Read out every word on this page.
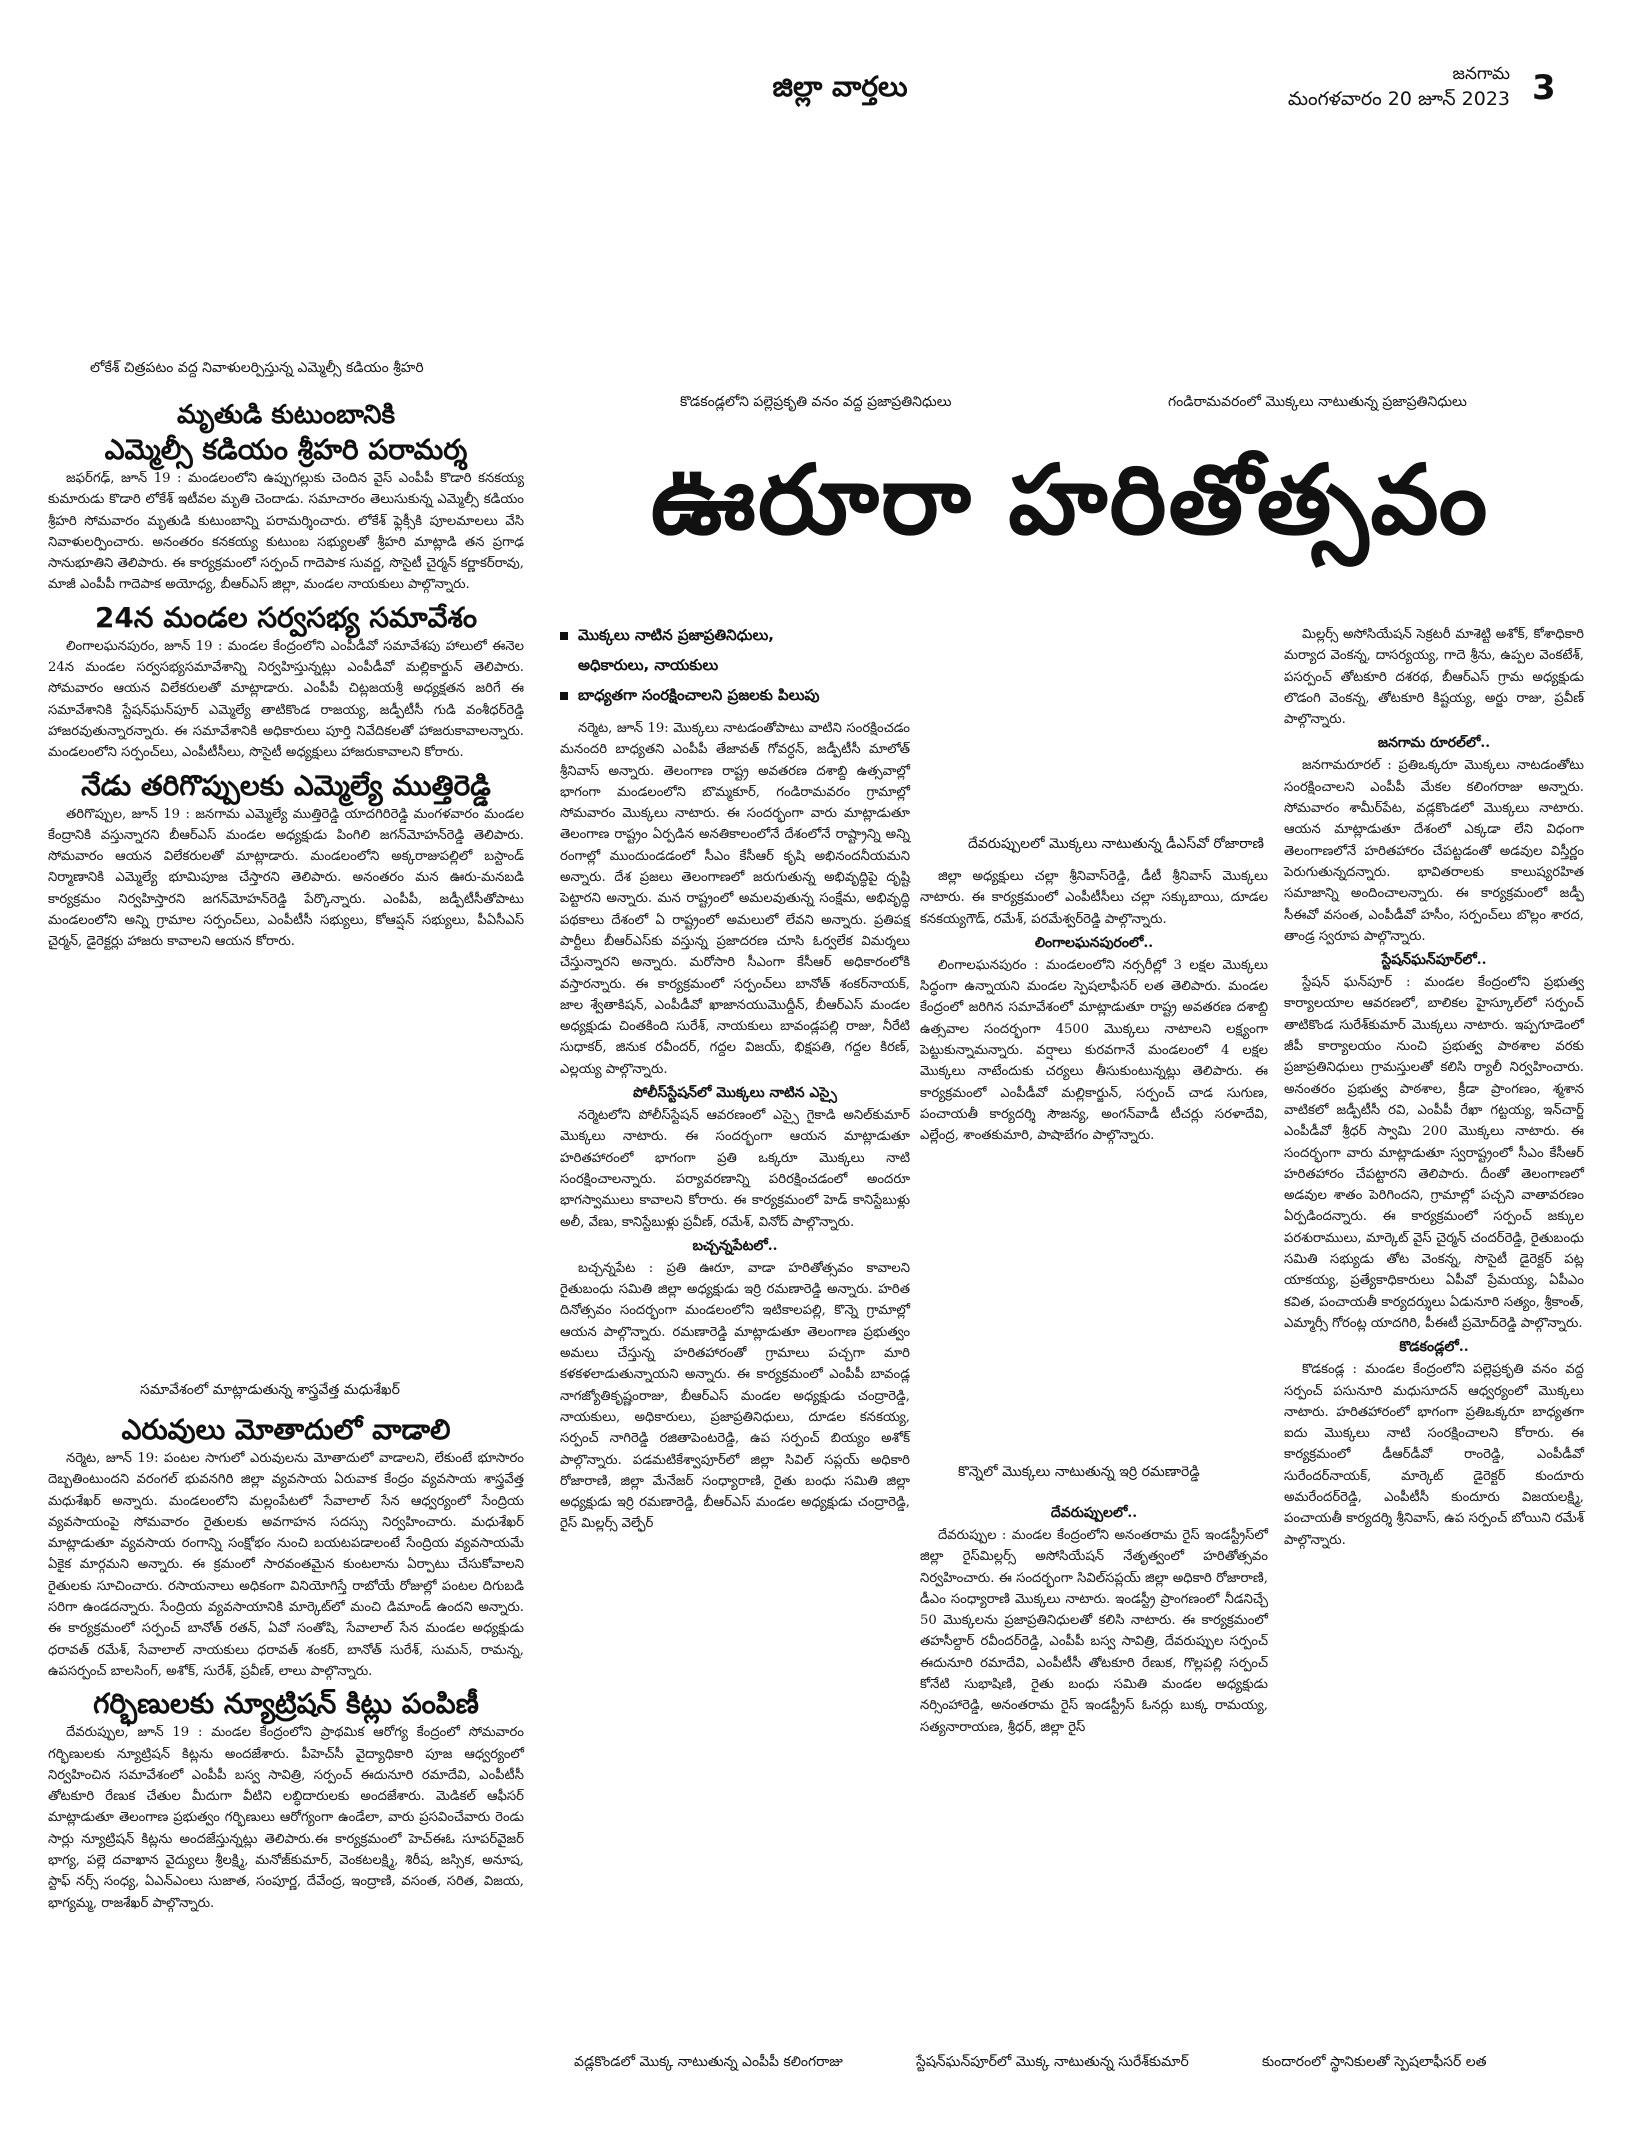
జిల్లా వార్తలు	జనగామ
మంగళవారం 20 జూన్ 2023 3
లోకేశ్ చిత్రపటం వద్ద నివాళులర్పిస్తున్న ఎమ్మెల్సీ కడియం శ్రీహరి
కొడకండ్లలోని పల్లెప్రకృతి వనం వద్ద ప్రజాప్రతినిధులు	గండిరామవరంలో మొక్కలు నాటుతున్న ప్రజాప్రతినిధులు
దేవరుప్పులలో మొక్కలు నాటుతున్న డీఎస్‌వో రోజారాణి
సమావేశంలో మాట్లాడుతున్న శాస్త్రవేత్త మధుశేఖర్
కొన్నెలో మొక్కలు నాటుతున్న ఇర్రి రమణారెడ్డి
వడ్లకొండలో మొక్క నాటుతున్న ఎంపీపీ కలింగరాజు	స్టేషన్‌ఘన్‌పూర్‌లో మొక్క నాటుతున్న సురేశ్‌కుమార్	కుందారంలో స్థానికులతో స్పెషలాఫీసర్ లత
మృతుడి కుటుంబానికి
ఎమ్మెల్సీ కడియం శ్రీహరి పరామర్శ

జఫర్‌గఢ్, జూన్ 19 : మండలంలోని ఉప్పుగల్లుకు చెందిన వైస్ ఎంపీపీ కొడారి కనకయ్య కుమారుడు కొడారి లోకేశ్ ఇటీవల మృతి చెందాడు. సమాచారం తెలుసుకున్న ఎమ్మెల్సీ కడియం శ్రీహరి సోమవారం మృతుడి కుటుంబాన్ని పరామర్శించారు. లోకేశ్ ఫ్లెక్సీకి పూలమాలలు వేసి నివాళులర్పించారు. అనంతరం కనకయ్య కుటుంబ సభ్యులతో శ్రీహరి మాట్లాడి తన ప్రగాఢ సానుభూతిని తెలిపారు. ఈ కార్యక్రమంలో సర్పంచ్ గాదెపాక సువర్ణ, సొసైటీ చైర్మన్ కర్ణాకర్‌రావు, మాజీ ఎంపీపీ గాదెపాక అయోధ్య, బీఆర్‌ఎస్ జిల్లా, మండల నాయకులు పాల్గొన్నారు.

24న మండల సర్వసభ్య సమావేశం

లింగాలఘనపురం, జూన్ 19 : మండల కేంద్రంలోని ఎంపీడీవో సమావేశపు హాలులో ఈనెల 24న మండల సర్వసభ్యసమావేశాన్ని నిర్వహిస్తున్నట్లు ఎంపీడీవో మల్లికార్జున్ తెలిపారు. సోమవారం ఆయన విలేకరులతో మాట్లాడారు. ఎంపీపీ చిట్లజయశ్రీ అధ్యక్షతన జరిగే ఈ సమావేశానికి స్టేషన్‌ఘన్‌పూర్ ఎమ్మెల్యే తాటికొండ రాజయ్య, జడ్పీటీసీ గుడి వంశీధర్‌రెడ్డి హాజరవుతున్నారన్నారు. ఈ సమావేశానికి అధికారులు పూర్తి నివేదికలతో హాజరుకావాలన్నారు. మండలంలోని సర్పంచ్‌లు, ఎంపీటీసీలు, సొసైటీ అధ్యక్షులు హాజరుకావాలని కోరారు.

నేడు తరిగొప్పులకు ఎమ్మెల్యే ముత్తిరెడ్డి

తరిగొప్పుల, జూన్ 19 : జనగామ ఎమ్మెల్యే ముత్తిరెడ్డి యాదగిరిరెడ్డి మంగళవారం మండల కేంద్రానికి వస్తున్నారని బీఆర్‌ఎస్ మండల అధ్యక్షుడు పింగిలి జగన్‌మోహన్‌రెడ్డి తెలిపారు. సోమవారం ఆయన విలేకరులతో మాట్లాడారు. మండలంలోని అక్కరాజుపల్లిలో బస్టాండ్ నిర్మాణానికి ఎమ్మెల్యే భూమిపూజ చేస్తారని తెలిపారు. అనంతరం మన ఊరు-మనబడి కార్యక్రమం నిర్వహిస్తారని జగన్‌మోహన్‌రెడ్డి పేర్కొన్నారు. ఎంపీపీ, జడ్పీటీసీతోపాటు మండలంలోని అన్ని గ్రామాల సర్పంచ్‌లు, ఎంపీటీసీ సభ్యులు, కోఆప్షన్ సభ్యులు, పీఏసీఎస్ చైర్మన్, డైరెక్టర్లు హాజరు కావాలని ఆయన కోరారు.

ఎరువులు మోతాదులో వాడాలి

నర్మెట, జూన్ 19: పంటల సాగులో ఎరువులను మోతాదులో వాడాలని, లేకుంటే భూసారం దెబ్బతింటుందని వరంగల్ భువనగిరి జిల్లా వ్యవసాయ ఏరువాక కేంద్రం వ్యవసాయ శాస్త్రవేత్త మధుశేఖర్ అన్నారు. మండలంలోని మల్లంపేటలో సేవాలాల్ సేన ఆధ్వర్యంలో సేంద్రియ వ్యవసాయంపై సోమవారం రైతులకు అవగాహన సదస్సు నిర్వహించారు. మధుశేఖర్ మాట్లాడుతూ వ్యవసాయ రంగాన్ని సంక్షోభం నుంచి బయటపడాలంటే సేంద్రియ వ్యవసాయమే ఏకైక మార్గమని అన్నారు. ఈ క్రమంలో సారవంతమైన కుంటలాను ఏర్పాటు చేసుకోవాలని రైతులకు సూచించారు. రసాయనాలు అధికంగా వినియోగిస్తే రాబోయే రోజుల్లో పంటల దిగుబడి సరిగా ఉండదన్నారు. సేంద్రియ వ్యవసాయానికి మార్కెట్‌లో మంచి డిమాండ్ ఉందని అన్నారు. ఈ కార్యక్రమంలో సర్పంచ్ బానోత్ రతన్, ఏవో సంతోషి, సేవాలాల్ సేన మండల అధ్యక్షుడు ధరావత్ రమేశ్, సేవాలాల్ నాయకులు ధరావత్ శంకర్, బానోత్ సురేశ్, సుమన్, రామన్న, ఉపసర్పంచ్ బాలసింగ్, అశోక్, సురేశ్, ప్రవీణ్, లాలు పాల్గొన్నారు.

గర్భిణులకు న్యూట్రిషన్ కిట్లు పంపిణీ

దేవరుప్పుల, జూన్ 19 : మండల కేంద్రంలోని ప్రాథమిక ఆరోగ్య కేంద్రంలో సోమవారం గర్భిణులకు న్యూట్రిషన్ కిట్లను అందజేశారు. పీహెచ్‌సీ వైద్యాధికారి పూజ ఆధ్వర్యంలో నిర్వహించిన సమావేశంలో ఎంపీపీ బస్వ సావిత్రి, సర్పంచ్ ఈదునూరి రమాదేవి, ఎంపీటీసీ తోటకూరి రేణుక చేతుల మీదుగా వీటిని లబ్ధిదారులకు అందజేశారు. మెడికల్ ఆఫీసర్ మాట్లాడుతూ తెలంగాణ ప్రభుత్వం గర్భిణులు ఆరోగ్యంగా ఉండేలా, వారు ప్రసవించేవారు రెండు సార్లు న్యూట్రిషన్ కిట్లను అందజేస్తున్నట్లు తెలిపారు.ఈ కార్యక్రమంలో హెచ్‌ఈఓ సూపర్‌వైజర్ భాగ్య, పల్లె దవాఖాన వైద్యులు శ్రీలక్ష్మి, మనోజ్‌కుమార్, వెంకటలక్ష్మి, శిరీష, జస్సిక, అనూష, స్టాఫ్ నర్స్ సంధ్య, ఏఎన్ఎంలు సుజాత, సంపూర్ణ, దేవేంద్ర, ఇంద్రాణి, వసంత, సరిత, విజయ, భాగ్యమ్మ, రాజశేఖర్ పాల్గొన్నారు.

ఊరూరా హరితోత్సవం
మొక్కలు నాటిన ప్రజాప్రతినిధులు,
అధికారులు, నాయకులు
బాధ్యతగా సంరక్షించాలని ప్రజలకు పిలుపు

నర్మెట, జూన్ 19: మొక్కలు నాటడంతోపాటు వాటిని సంరక్షించడం మనందరి బాధ్యతని ఎంపీపీ తేజావత్ గోవర్ధన్, జడ్పీటీసీ మాలోత్ శ్రీనివాస్ అన్నారు. తెలంగాణ రాష్ట్ర అవతరణ దశాబ్ది ఉత్సవాల్లో భాగంగా మండలంలోని బొమ్మకూర్, గండిరామవరం గ్రామాల్లో సోమవారం మొక్కలు నాటారు. ఈ సందర్భంగా వారు మాట్లాడుతూ తెలంగాణ రాష్ట్రం ఏర్పడిన అనతికాలంలోనే దేశంలోనే రాష్ట్రాన్ని అన్ని రంగాల్లో ముందుండడంలో సీఎం కేసీఆర్ కృషి అభినందనీయమని అన్నారు. దేశ ప్రజలు తెలంగాణలో జరుగుతున్న అభివృద్ధిపై దృష్టి పెట్టారని అన్నారు. మన రాష్ట్రంలో అమలవుతున్న సంక్షేమ, అభివృద్ధి పథకాలు దేశంలో ఏ రాష్ట్రంలో అమలులో లేవని అన్నారు. ప్రతిపక్ష పార్టీలు బీఆర్‌ఎస్‌కు వస్తున్న ప్రజాదరణ చూసి ఓర్వలేక విమర్శలు చేస్తున్నారని అన్నారు. మరోసారి సీఎంగా కేసీఆర్ అధికారంలోకి వస్తారన్నారు. ఈ కార్యక్రమంలో సర్పంచ్‌లు బానోత్ శంకర్‌నాయక్, జాల శ్వేతాకిషన్, ఎంపీడీవో ఖాజానయుమొద్దీన్, బీఆర్‌ఎస్ మండల అధ్యక్షుడు చింతకింది సురేశ్, నాయకులు బావండ్లపల్లి రాజు, నీరేటి సుధాకర్, జినుక రవీందర్, గద్దల విజయ్, భిక్షపతి, గద్దల కిరణ్, ఎల్లయ్య పాల్గొన్నారు.

పోలీస్‌స్టేషన్‌లో మొక్కలు నాటిన ఎస్సై

నర్మెటలోని పోలీస్‌స్టేషన్ ఆవరణంలో ఎస్సై గైకాడి అనిల్‌కుమార్ మొక్కలు నాటారు. ఈ సందర్భంగా ఆయన మాట్లాడుతూ హరితహారంలో భాగంగా ప్రతి ఒక్కరూ మొక్కలు నాటి సంరక్షించాలన్నారు. పర్యావరణాన్ని పరిరక్షించడంలో అందరూ భాగస్వాములు కావాలని కోరారు. ఈ కార్యక్రమంలో హెడ్ కానిస్టేబుళ్లు అలీ, వేణు, కానిస్టేబుళ్లు ప్రవీణ్, రమేశ్, వినోద్ పాల్గొన్నారు.

బచ్చన్నపేటలో..

బచ్చన్నపేట : ప్రతి ఊరూ, వాడా హరితోత్సవం కావాలని రైతుబంధు సమితి జిల్లా అధ్యక్షుడు ఇర్రి రమణారెడ్డి అన్నారు. హరిత దినోత్సవం సందర్భంగా మండలంలోని ఇటికాలపల్లి, కొన్నె గ్రామాల్లో ఆయన పాల్గొన్నారు. రమణారెడ్డి మాట్లాడుతూ తెలంగాణ ప్రభుత్వం అమలు చేస్తున్న హరితహారంతో గ్రామాలు పచ్చగా మారి కళకళలాడుతున్నాయని అన్నారు. ఈ కార్యక్రమంలో ఎంపీపీ బావండ్ల నాగజ్యోతికృష్ణంరాజు, బీఆర్‌ఎస్ మండల అధ్యక్షుడు చంద్రారెడ్డి, నాయకులు, అధికారులు, ప్రజాప్రతినిధులు, దూడల కనకయ్య, సర్పంచ్ నాగిరెడ్డి రజితాపెంటరెడ్డి, ఉప సర్పంచ్ బియ్యం అశోక్ పాల్గొన్నారు. పడమటికేశ్వాపూర్‌లో జిల్లా సివిల్ సప్లయ్ అధికారి రోజారాణి, జిల్లా మేనేజర్ సంధ్యారాణి, రైతు బంధు సమితి జిల్లా అధ్యక్షుడు ఇర్రి రమణారెడ్డి, బీఆర్‌ఎస్ మండల అధ్యక్షుడు చంద్రారెడ్డి, రైస్ మిల్లర్స్ వెల్ఫేర్

జిల్లా అధ్యక్షులు చల్లా శ్రీనివాస్‌రెడ్డి, డీటీ శ్రీనివాస్ మొక్కలు నాటారు. ఈ కార్యక్రమంలో ఎంపీటీసీలు చల్లా సక్కుబాయి, దూడల కనకయ్యగౌడ్, రమేశ్, పరమేశ్వర్‌రెడ్డి పాల్గొన్నారు.

లింగాలఘనపురంలో..

లింగాలఘనపురం : మండలంలోని నర్సరీల్లో 3 లక్షల మొక్కలు సిద్ధంగా ఉన్నాయని మండల స్పెషలాఫీసర్ లత తెలిపారు. మండల కేంద్రంలో జరిగిన సమావేశంలో మాట్లాడుతూ రాష్ట్ర అవతరణ దశాబ్ది ఉత్సవాల సందర్భంగా 4500 మొక్కలు నాటాలని లక్ష్యంగా పెట్టుకున్నామన్నారు. వర్షాలు కురవగానే మండలంలో 4 లక్షల మొక్కలు నాటేందుకు చర్యలు తీసుకుంటున్నట్లు తెలిపారు. ఈ కార్యక్రమంలో ఎంపీడీవో మల్లికార్జున్, సర్పంచ్ చాడ సుగుణ, పంచాయతీ కార్యదర్శి సౌజన్య, అంగన్‌వాడీ టీచర్లు సరళాదేవి, ఎల్లేంద్ర, శాంతకుమారి, పాషాబేగం పాల్గొన్నారు.

దేవరుప్పులలో..

దేవరుప్పుల : మండల కేంద్రంలోని అనంతరామ రైస్ ఇండస్ట్రీస్‌లో జిల్లా రైస్‌మిల్లర్స్ అసోసియేషన్ నేతృత్వంలో హరితోత్సవం నిర్వహించారు. ఈ సందర్భంగా సివిల్‌సప్లయ్ జిల్లా అధికారి రోజారాణి, డీఎం సంధ్యారాణి మొక్కలు నాటారు. ఇండస్ట్రీ ప్రాంగణంలో నీడనిచ్చే 50 మొక్కలను ప్రజాప్రతినిధులతో కలిసి నాటారు. ఈ కార్యక్రమంలో తహసీల్దార్ రవీందర్‌రెడ్డి, ఎంపీపీ బస్వ సావిత్రి, దేవరుప్పుల సర్పంచ్ ఈదునూరి రమాదేవి, ఎంపీటీసీ తోటకూరి రేణుక, గొల్లపల్లి సర్పంచ్ కోనేటి సుభాషిణి, రైతు బంధు సమితి మండల అధ్యక్షుడు నర్సింహారెడ్డి, అనంతరామ రైస్ ఇండస్ట్రీస్ ఓనర్లు బుక్క రామయ్య, సత్యనారాయణ, శ్రీధర్, జిల్లా రైస్

మిల్లర్స్ అసోసియేషన్ సెక్రటరీ మాశెట్టి అశోక్, కోశాధికారి మర్యాద వెంకన్న, దాసర్యయ్య, గాదె శ్రీను, ఉప్పల వెంకటేశ్, పసర్పంచ్ తోటకూరి దశరథ, బీఆర్‌ఎస్ గ్రామ అధ్యక్షుడు లొడంగి వెంకన్న, తోటకూరి కిష్టయ్య, అర్జు రాజు, ప్రవీణ్ పాల్గొన్నారు.

జనగామ రూరల్‌లో..

జనగామరూరల్ : ప్రతిఒక్కరూ మొక్కలు నాటడంతోటు సంరక్షించాలని ఎంపీపీ మేకల కలింగరాజు అన్నారు. సోమవారం శామీర్‌పేట, వడ్లకొండలో మొక్కలు నాటారు. ఆయన మాట్లాడుతూ దేశంలో ఎక్కడా లేని విధంగా తెలంగాణలోనే హరితహారం చేపట్టడంతో అడవుల విస్తీర్ణం పెరుగుతున్నదన్నారు. భావితరాలకు కాలుష్యరహిత సమాజాన్ని అందించాలన్నారు. ఈ కార్యక్రమంలో జడ్పీ సీఈవో వసంత, ఎంపీడీవో హసీం, సర్పంచ్‌లు బొల్లం శారద, తాండ్ర స్వరూప పాల్గొన్నారు.

స్టేషన్‌ఘన్‌పూర్‌లో..

స్టేషన్ ఘన్‌పూర్ : మండల కేంద్రంలోని ప్రభుత్వ కార్యాలయాల ఆవరణలో, బాలికల హైస్కూల్‌లో సర్పంచ్ తాటికొండ సురేశ్‌కుమార్ మొక్కలు నాటారు. ఇప్పగూడెంలో జీపీ కార్యాలయం నుంచి ప్రభుత్వ పాఠశాల వరకు ప్రజాప్రతినిధులు గ్రామస్తులతో కలిసి ర్యాలీ నిర్వహించారు. అనంతరం ప్రభుత్వ పాఠశాల, క్రీడా ప్రాంగణం, శ్మశాన వాటికలో జడ్పీటీసీ రవి, ఎంపీపీ రేఖా గట్టయ్య, ఇన్‌చార్జ్ ఎంపీడీవో శ్రీధర్ స్వామి 200 మొక్కలు నాటారు. ఈ సందర్భంగా వారు మాట్లాడుతూ స్వరాష్ట్రంలో సీఎం కేసీఆర్ హరితహారం చేపట్టారని తెలిపారు. దీంతో తెలంగాణలో అడవుల శాతం పెరిగిందని, గ్రామాల్లో పచ్చని వాతావరణం ఏర్పడిందన్నారు. ఈ కార్యక్రమంలో సర్పంచ్ జక్కుల పరశురాములు, మార్కెట్ వైస్ చైర్మన్ చందర్‌రెడ్డి, రైతుబంధు సమితి సభ్యుడు తోట వెంకన్న, సొసైటీ డైరెక్టర్ పట్ల యాకయ్య, ప్రత్యేకాధికారులు ఏపీవో ప్రేమయ్య, ఏపీఎం కవిత, పంచాయతీ కార్యదర్శులు ఏడునూరి సత్యం, శ్రీకాంత్, ఎమ్మార్సీ గోరంట్ల యాదగిరి, పీఈటీ ప్రమోద్‌రెడ్డి పాల్గొన్నారు.

కొడకండ్లలో..

కొడకండ్ల : మండల కేంద్రంలోని పల్లెప్రకృతి వనం వద్ద సర్పంచ్ పసునూరి మధుసూదన్ ఆధ్వర్యంలో మొక్కలు నాటారు. హరితహారంలో భాగంగా ప్రతిఒక్కరూ బాధ్యతగా ఐదు మొక్కలు నాటి సంరక్షించాలని కోరారు. ఈ కార్యక్రమంలో డీఆర్‌డీవో రాంరెడ్డి, ఎంపీడీవో సురేందర్‌నాయక్, మార్కెట్ డైరెక్టర్ కుందూరు అమరేందర్‌రెడ్డి, ఎంపీటీసీ కుందూరు విజయలక్ష్మి, పంచాయతీ కార్యదర్శి శ్రీనివాస్, ఉప సర్పంచ్ బోయిని రమేశ్ పాల్గొన్నారు.
